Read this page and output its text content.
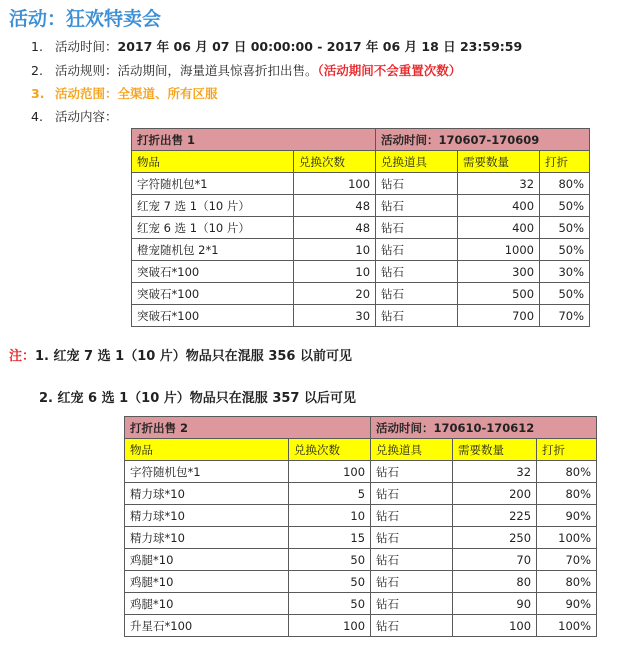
活动：狂欢特卖会
1. 活动时间：2017 年 06 月 07 日 00:00:00 - 2017 年 06 月 18 日 23:59:59
2. 活动规则：活动期间，海量道具惊喜折扣出售。（活动期间不会重置次数）
3. 活动范围：全渠道、所有区服
4. 活动内容：
打折出售 1		活动时间：170607-170609		
物品	兑换次数	兑换道具	需要数量	打折
字符随机包*1	100	钻石	32	80%
红宠 7 选 1（10 片）	48	钻石	400	50%
红宠 6 选 1（10 片）	48	钻石	400	50%
橙宠随机包 2*1	10	钻石	1000	50%
突破石*100	10	钻石	300	30%
突破石*100	20	钻石	500	50%
突破石*100	30	钻石	700	70%
注：1. 红宠 7 选 1（10 片）物品只在混服 356 以前可见
2. 红宠 6 选 1（10 片）物品只在混服 357 以后可见
打折出售 2		活动时间：170610-170612		
物品	兑换次数	兑换道具	需要数量	打折
字符随机包*1	100	钻石	32	80%
精力球*10	5	钻石	200	80%
精力球*10	10	钻石	225	90%
精力球*10	15	钻石	250	100%
鸡腿*10	50	钻石	70	70%
鸡腿*10	50	钻石	80	80%
鸡腿*10	50	钻石	90	90%
升星石*100	100	钻石	100	100%
